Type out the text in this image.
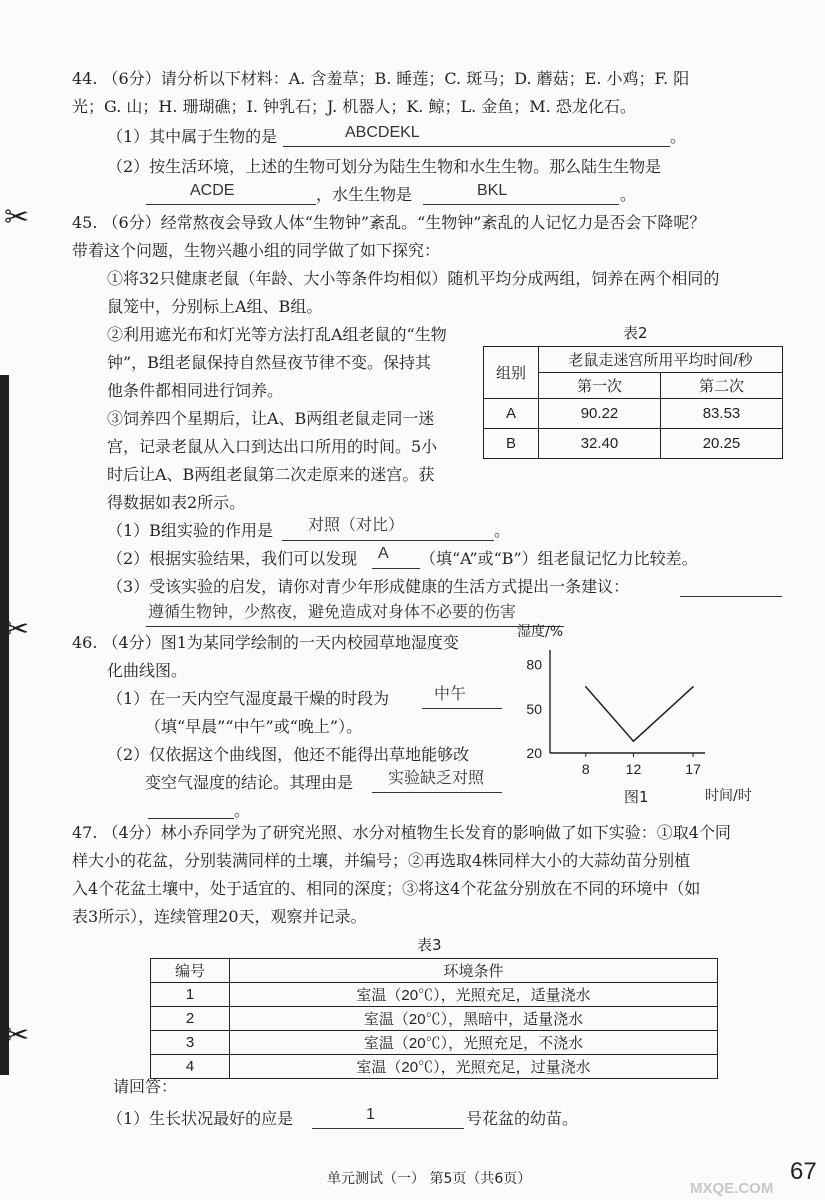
✂
✂
✂
44. （6分）请分析以下材料：A. 含羞草；B. 睡莲；C. 斑马；D. 蘑菇；E. 小鸡；F. 阳
光；G. 山；H. 珊瑚礁；I. 钟乳石；J. 机器人；K. 鲸；L. 金鱼；M. 恐龙化石。
（1）其中属于生物的是	ABCDEKL	。
（2）按生活环境，上述的生物可划分为陆生生物和水生生物。那么陆生生物是
ACDE	，水生生物是	BKL	。
45. （6分）经常熬夜会导致人体“生物钟”紊乱。“生物钟”紊乱的人记忆力是否会下降呢？
带着这个问题，生物兴趣小组的同学做了如下探究：
①将32只健康老鼠（年龄、大小等条件均相似）随机平均分成两组，饲养在两个相同的
鼠笼中，分别标上A组、B组。
②利用遮光布和灯光等方法打乱A组老鼠的“生物
钟”，B组老鼠保持自然昼夜节律不变。保持其
他条件都相同进行饲养。
③饲养四个星期后，让A、B两组老鼠走同一迷
宫，记录老鼠从入口到达出口所用的时间。5小
时后让A、B两组老鼠第二次走原来的迷宫。获
得数据如表2所示。
表2
组别	老鼠走迷宫所用平均时间/秒	
	第一次	第二次
A	90.22	83.53
B	32.40	20.25
（1）B组实验的作用是 对照（对比）	。
（2）根据实验结果，我们可以发现 A （填“A”或“B”）组老鼠记忆力比较差。
（3）受该实验的启发，请你对青少年形成健康的生活方式提出一条建议：
遵循生物钟，少熬夜，避免造成对身体不必要的伤害
46. （4分）图1为某同学绘制的一天内校园草地湿度变
化曲线图。
（1）在一天内空气湿度最干燥的时段为	中午
（填“早晨”“中午”或“晚上”）。
（2）仅依据这个曲线图，他还不能得出草地能够改
变空气湿度的结论。其理由是 实验缺乏对照
。
湿度/%
时间/时
20
50
80
8	12	17
图1
47. （4分）林小乔同学为了研究光照、水分对植物生长发育的影响做了如下实验：①取4个同
样大小的花盆，分别装满同样的土壤，并编号；②再选取4株同样大小的大蒜幼苗分别植
入4个花盆土壤中，处于适宜的、相同的深度；③将这4个花盆分别放在不同的环境中（如
表3所示），连续管理20天，观察并记录。
表3
编号	环境条件
1	室温（20℃），光照充足，适量浇水
2	室温（20℃），黑暗中，适量浇水
3	室温（20℃），光照充足，不浇水
4	室温（20℃），光照充足，过量浇水
请回答：
（1）生长状况最好的应是	1	号花盆的幼苗。
单元测试（一） 第5页（共6页）	67
MXQE.COM
